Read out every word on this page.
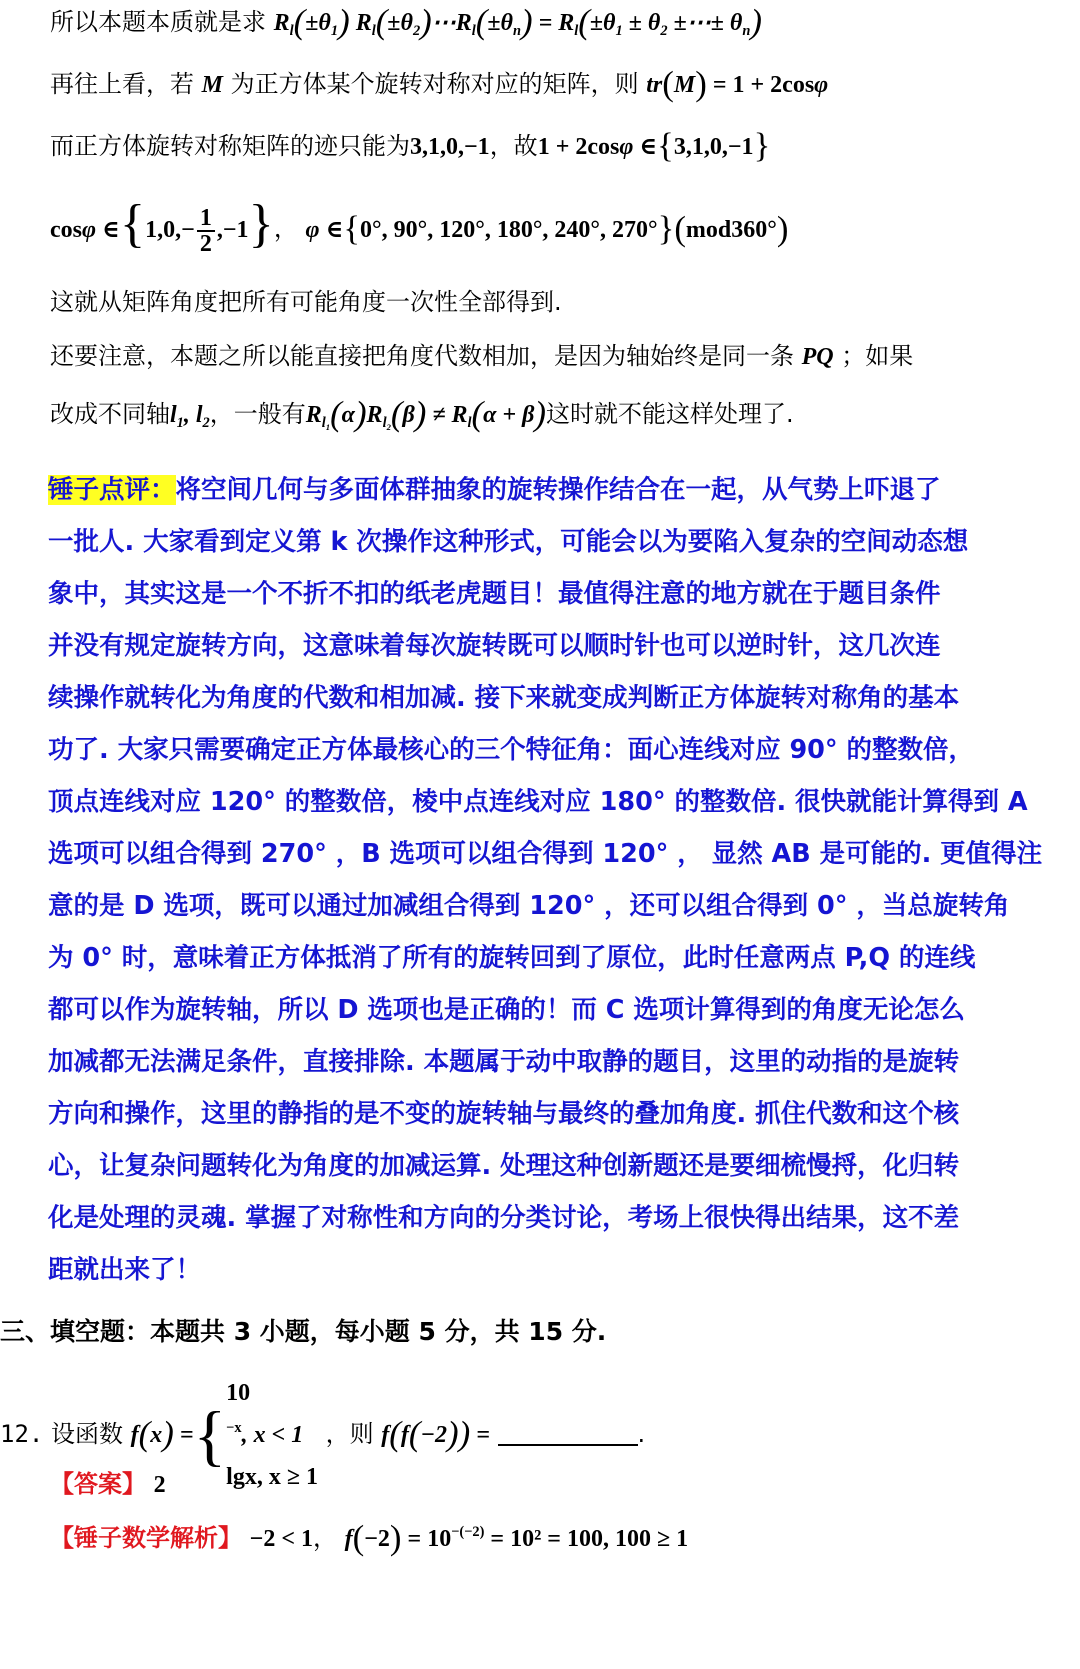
所以本题本质就是求 $R_l(\pm\theta_1)$ $R_l(\pm\theta_2)\cdots R_l(\pm\theta_n) = R_l(\pm\theta_1 \pm \theta_2$ ±⋯± $\theta_n$)
再往上看，若 M 为正方体某个旋转对称对应的矩阵，则 tr(M) = 1 + 2cosφ
而正方体旋转对称矩阵的迹只能为3,1,0,−1，故1 + 2cosφ ∈{3,1,0,−1}
cosφ ∈{1,0,− $\frac{1}{2} ,-1$}， φ ∈{0°, 90°, 120°, 180°, 240°, 270°}(mod360°)
这就从矩阵角度把所有可能角度一次性全部得到.
还要注意，本题之所以能直接把角度代数相加，是因为轴始终是同一条 PQ ；如果
改成不同轴$l_1$, $l_2$，一般有$R_{l_1}(\alpha)R_{l_2}(\beta) \ne R_l(\alpha + \beta)$这时就不能这样处理了.
锤子点评：将空间几何与多面体群抽象的旋转操作结合在一起，从气势上吓退了
一批人. 大家看到定义第 k 次操作这种形式，可能会以为要陷入复杂的空间动态想
象中，其实这是一个不折不扣的纸老虎题目！最值得注意的地方就在于题目条件
并没有规定旋转方向，这意味着每次旋转既可以顺时针也可以逆时针，这几次连
续操作就转化为角度的代数和相加减. 接下来就变成判断正方体旋转对称角的基本
功了. 大家只需要确定正方体最核心的三个特征角：面心连线对应 90° 的整数倍，
顶点连线对应 120° 的整数倍，棱中点连线对应 180° 的整数倍. 很快就能计算得到 A
选项可以组合得到 270° ，B 选项可以组合得到 120° ， 显然 AB 是可能的. 更值得注
意的是 D 选项，既可以通过加减组合得到 120° ，还可以组合得到 0° ，当总旋转角
为 0° 时，意味着正方体抵消了所有的旋转回到了原位，此时任意两点 P,Q 的连线
都可以作为旋转轴，所以 D 选项也是正确的！而 C 选项计算得到的角度无论怎么
加减都无法满足条件，直接排除. 本题属于动中取静的题目，这里的动指的是旋转
方向和操作，这里的静指的是不变的旋转轴与最终的叠加角度. 抓住代数和这个核
心，让复杂问题转化为角度的加减运算. 处理这种创新题还是要细梳慢捋，化归转
化是处理的灵魂. 掌握了对称性和方向的分类讨论，考场上很快得出结果，这不差
距就出来了！
三、填空题：本题共 3 小题，每小题 5 分，共 15 分.
12. 设函数 f(x) ={
10
$^{-x}$, x < 1
lgx, x ≥ 1
，则 f(f(−2)) =	.
【答案】 2
【锤子数学解析】 −2 < 1， $f(-2) = 10^{-(-2)} = 10^2 = 100$, 100 ≥ 1
